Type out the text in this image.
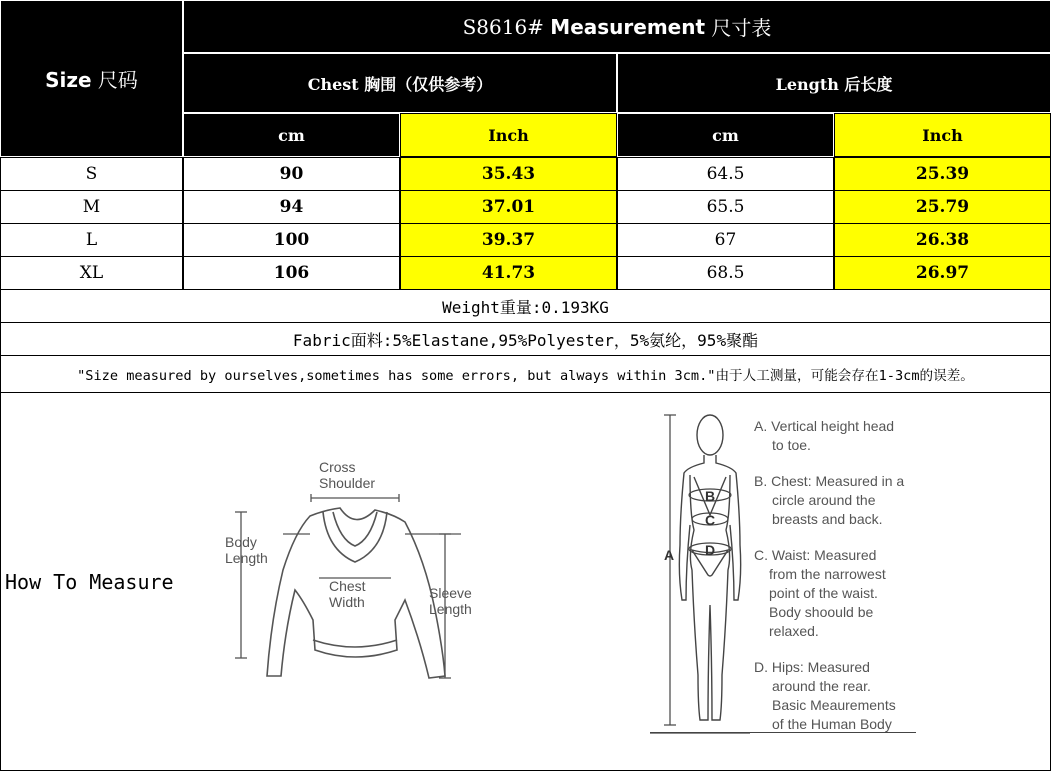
Size 尺码
S8616#
Measurement
尺寸表
Chest 胸围（仅供参考）	Length 后长度
cm	Inch	cm	Inch
S	90	35.43	64.5	25.39
M	94	37.01	65.5	25.79
L	100	39.37	67	26.38
XL	106	41.73	68.5	26.97
Weight重量:0.193KG
Fabric面料:5%Elastane,95%Polyester，5%氨纶，95%聚酯
"Size measured by ourselves,sometimes has some errors, but always within 3cm."由于人工测量，可能会存在1-3cm的误差。
How To Measure
Cross
Shoulder
Body
Length
Chest
Width
Sleeve
Length
B
C
D
A
A. Vertical height head
to toe.
B. Chest: Measured in a
circle around the
breasts and back.
C. Waist: Measured
from the narrowest
point of the waist.
Body shoould be
relaxed.
D. Hips: Measured
around the rear.
Basic Meaurements
of the Human Body
